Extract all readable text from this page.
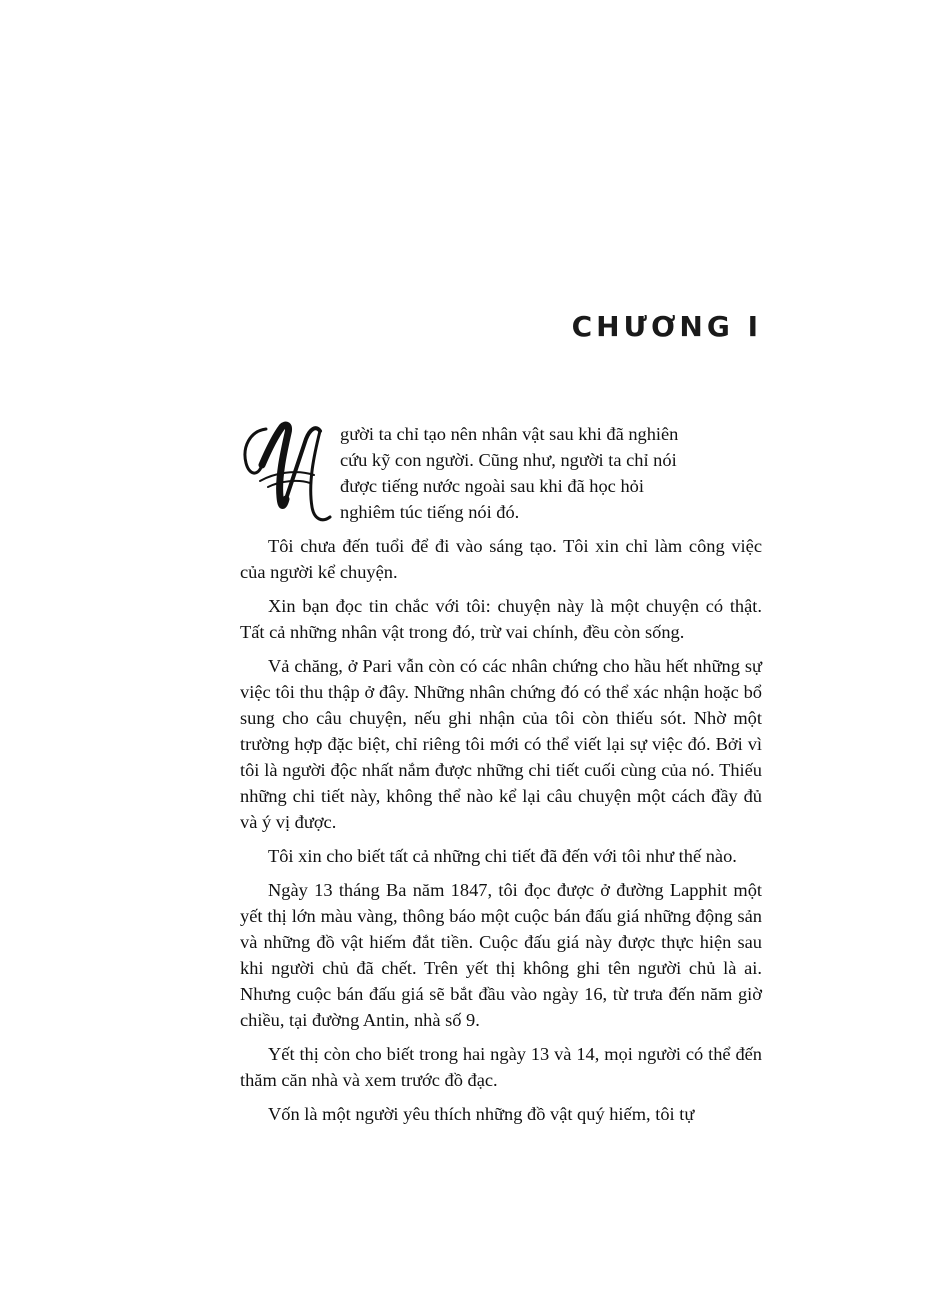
CHƯƠNG I

gười ta chỉ tạo nên nhân vật sau khi đã nghiên

cứu kỹ con người. Cũng như, người ta chỉ nói

được tiếng nước ngoài sau khi đã học hỏi

nghiêm túc tiếng nói đó.

Tôi chưa đến tuổi để đi vào sáng tạo. Tôi xin chỉ làm công việc của người kể chuyện.

Xin bạn đọc tin chắc với tôi: chuyện này là một chuyện có thật. Tất cả những nhân vật trong đó, trừ vai chính, đều còn sống.

Vả chăng, ở Pari vẫn còn có các nhân chứng cho hầu hết những sự việc tôi thu thập ở đây. Những nhân chứng đó có thể xác nhận hoặc bổ sung cho câu chuyện, nếu ghi nhận của tôi còn thiếu sót. Nhờ một trường hợp đặc biệt, chỉ riêng tôi mới có thể viết lại sự việc đó. Bởi vì tôi là người độc nhất nắm được những chi tiết cuối cùng của nó. Thiếu những chi tiết này, không thể nào kể lại câu chuyện một cách đầy đủ và ý vị được.

Tôi xin cho biết tất cả những chi tiết đã đến với tôi như thế nào.

Ngày 13 tháng Ba năm 1847, tôi đọc được ở đường Lapphit một yết thị lớn màu vàng, thông báo một cuộc bán đấu giá những động sản và những đồ vật hiếm đắt tiền. Cuộc đấu giá này được thực hiện sau khi người chủ đã chết. Trên yết thị không ghi tên người chủ là ai. Nhưng cuộc bán đấu giá sẽ bắt đầu vào ngày 16, từ trưa đến năm giờ chiều, tại đường Antin, nhà số 9.

Yết thị còn cho biết trong hai ngày 13 và 14, mọi người có thể đến thăm căn nhà và xem trước đồ đạc.

Vốn là một người yêu thích những đồ vật quý hiếm, tôi tự
